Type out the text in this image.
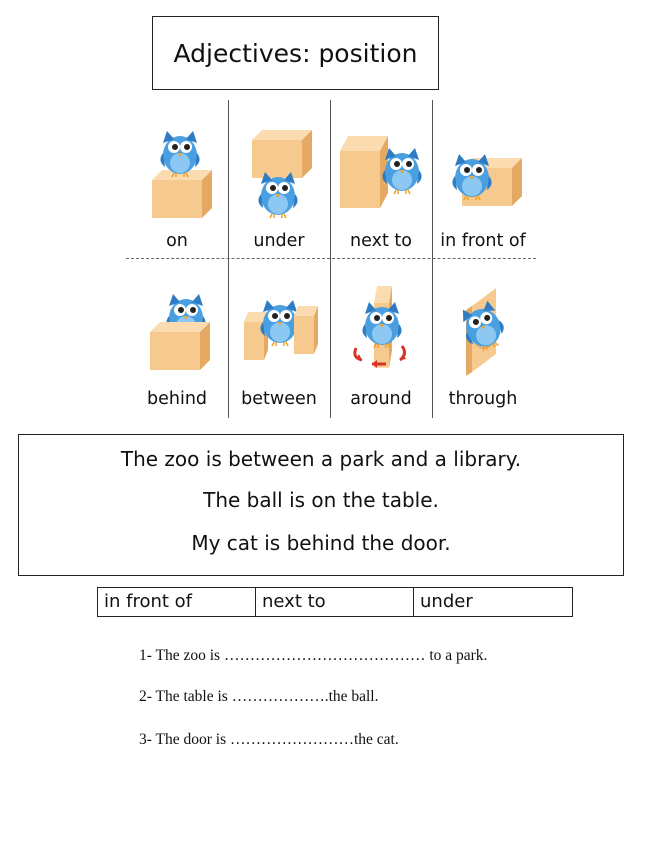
Adjectives: position
on	under	next to	in front of
behind	between	around	through
The zoo is between a park and a library.
The ball is on the table.
My cat is behind the door.
in front of	next to	under
1- The zoo is ………………………………… to a park.
2- The table is ……………….the ball.
3- The door is ……………………the cat.
